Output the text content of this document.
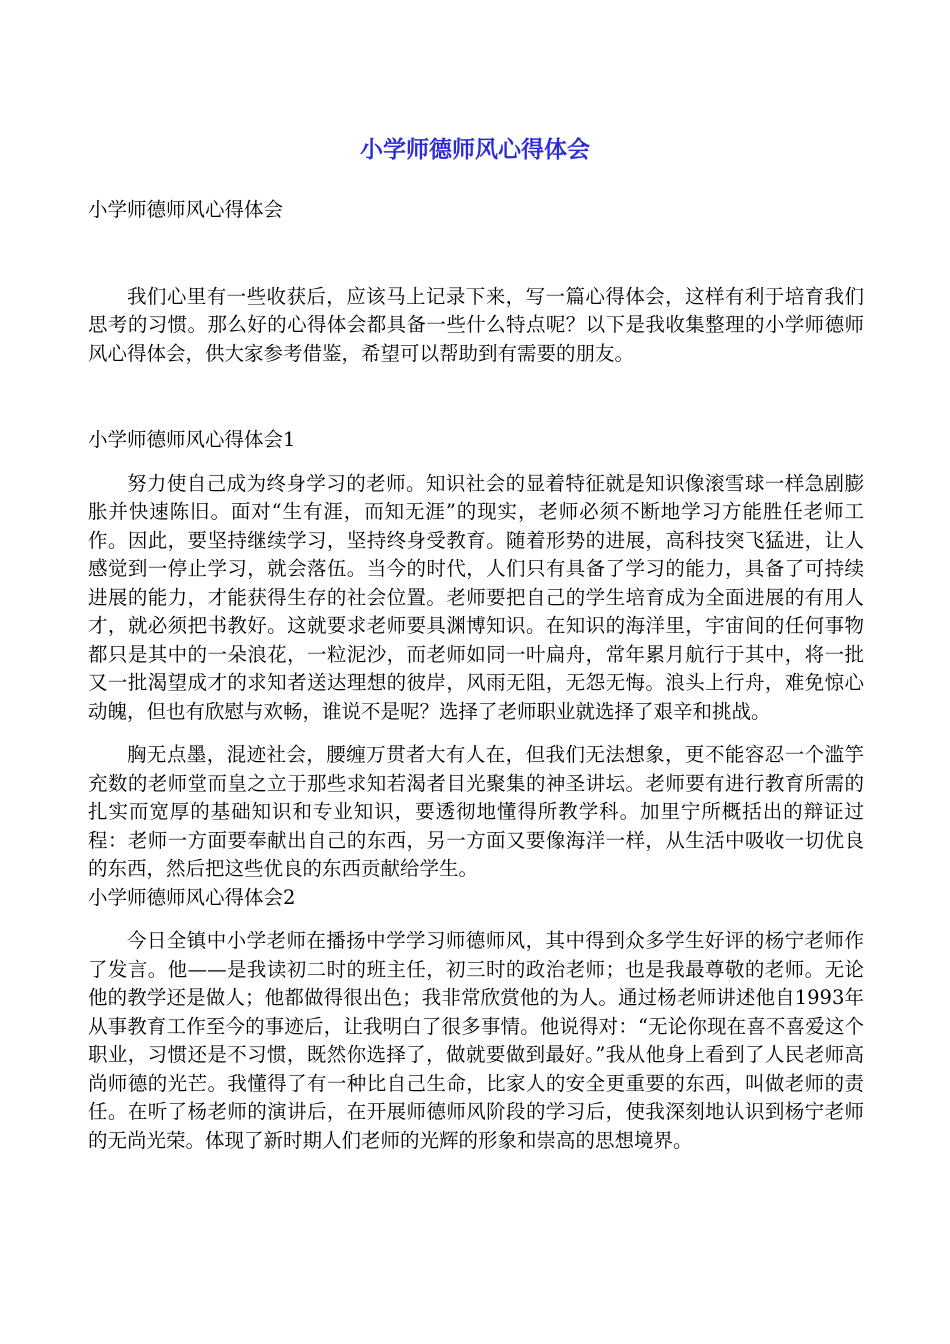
小学师德师风心得体会

小学师德师风心得体会

我们心里有一些收获后，应该马上记录下来，写一篇心得体会，这样有利于培育我们思考的习惯。那么好的心得体会都具备一些什么特点呢？以下是我收集整理的小学师德师风心得体会，供大家参考借鉴，希望可以帮助到有需要的朋友。

小学师德师风心得体会1

努力使自己成为终身学习的老师。知识社会的显着特征就是知识像滚雪球一样急剧膨胀并快速陈旧。面对“生有涯，而知无涯”的现实，老师必须不断地学习方能胜任老师工作。因此，要坚持继续学习，坚持终身受教育。随着形势的进展，高科技突飞猛进，让人感觉到一停止学习，就会落伍。当今的时代，人们只有具备了学习的能力，具备了可持续进展的能力，才能获得生存的社会位置。老师要把自己的学生培育成为全面进展的有用人才，就必须把书教好。这就要求老师要具渊博知识。在知识的海洋里，宇宙间的任何事物都只是其中的一朵浪花，一粒泥沙，而老师如同一叶扁舟，常年累月航行于其中，将一批又一批渴望成才的求知者送达理想的彼岸，风雨无阻，无怨无悔。浪头上行舟，难免惊心动魄，但也有欣慰与欢畅，谁说不是呢？选择了老师职业就选择了艰辛和挑战。

胸无点墨，混迹社会，腰缠万贯者大有人在，但我们无法想象，更不能容忍一个滥竽充数的老师堂而皇之立于那些求知若渴者目光聚集的神圣讲坛。老师要有进行教育所需的扎实而宽厚的基础知识和专业知识，要透彻地懂得所教学科。加里宁所概括出的辩证过程：老师一方面要奉献出自己的东西，另一方面又要像海洋一样，从生活中吸收一切优良的东西，然后把这些优良的东西贡献给学生。

小学师德师风心得体会2

今日全镇中小学老师在播扬中学学习师德师风，其中得到众多学生好评的杨宁老师作了发言。他——是我读初二时的班主任，初三时的政治老师；也是我最尊敬的老师。无论他的教学还是做人；他都做得很出色；我非常欣赏他的为人。通过杨老师讲述他自1993年从事教育工作至今的事迹后，让我明白了很多事情。他说得对：“无论你现在喜不喜爱这个职业，习惯还是不习惯，既然你选择了，做就要做到最好。”我从他身上看到了人民老师高尚师德的光芒。我懂得了有一种比自己生命，比家人的安全更重要的东西，叫做老师的责任。在听了杨老师的演讲后，在开展师德师风阶段的学习后，使我深刻地认识到杨宁老师的无尚光荣。体现了新时期人们老师的光辉的形象和崇高的思想境界。
